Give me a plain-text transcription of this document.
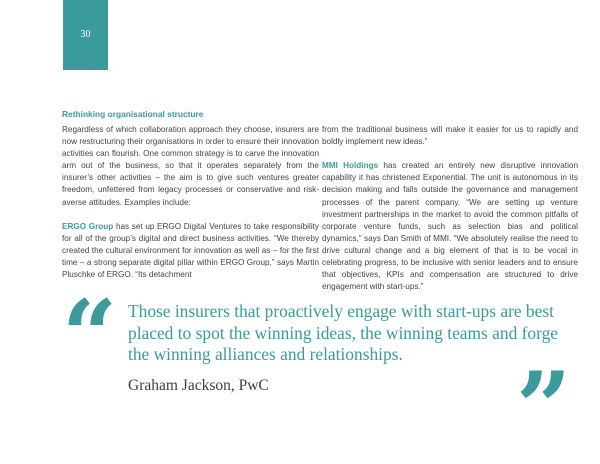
30
Rethinking organisational structure

Regardless of which collaboration approach they choose, insurers are now restructuring their organisations in order to ensure their innovation activities can flourish. One common strategy is to carve the innovation arm out of the business, so that it operates separately from the insurer’s other activities – the aim is to give such ventures greater freedom, unfettered from legacy processes or conservative and risk-averse attitudes. Examples include:

ERGO Group has set up ERGO Digital Ventures to take responsibility for all of the group’s digital and direct business activities. “We thereby created the cultural environment for innovation as well as – for the first time – a strong separate digital pillar within ERGO Group,” says Martin Pluschke of ERGO. “Its detachment

from the traditional business will make it easier for us to rapidly and boldly implement new ideas.”

MMI Holdings has created an entirely new disruptive innovation capability it has christened Exponential. The unit is autonomous in its decision making and falls outside the governance and management processes of the parent company. “We are setting up venture investment partnerships in the market to avoid the common pitfalls of corporate venture funds, such as selection bias and political dynamics,” says Dan Smith of MMI. “We absolutely realise the need to drive cultural change and a big element of that is to be vocal in celebrating progress, to be inclusive with senior leaders and to ensure that objectives, KPIs and compensation are structured to drive engagement with start-ups.”

“ Those insurers that proactively engage with start-ups are best placed to spot the winning ideas, the winning teams and forge the winning alliances and relationships.
Graham Jackson, PwC	”
